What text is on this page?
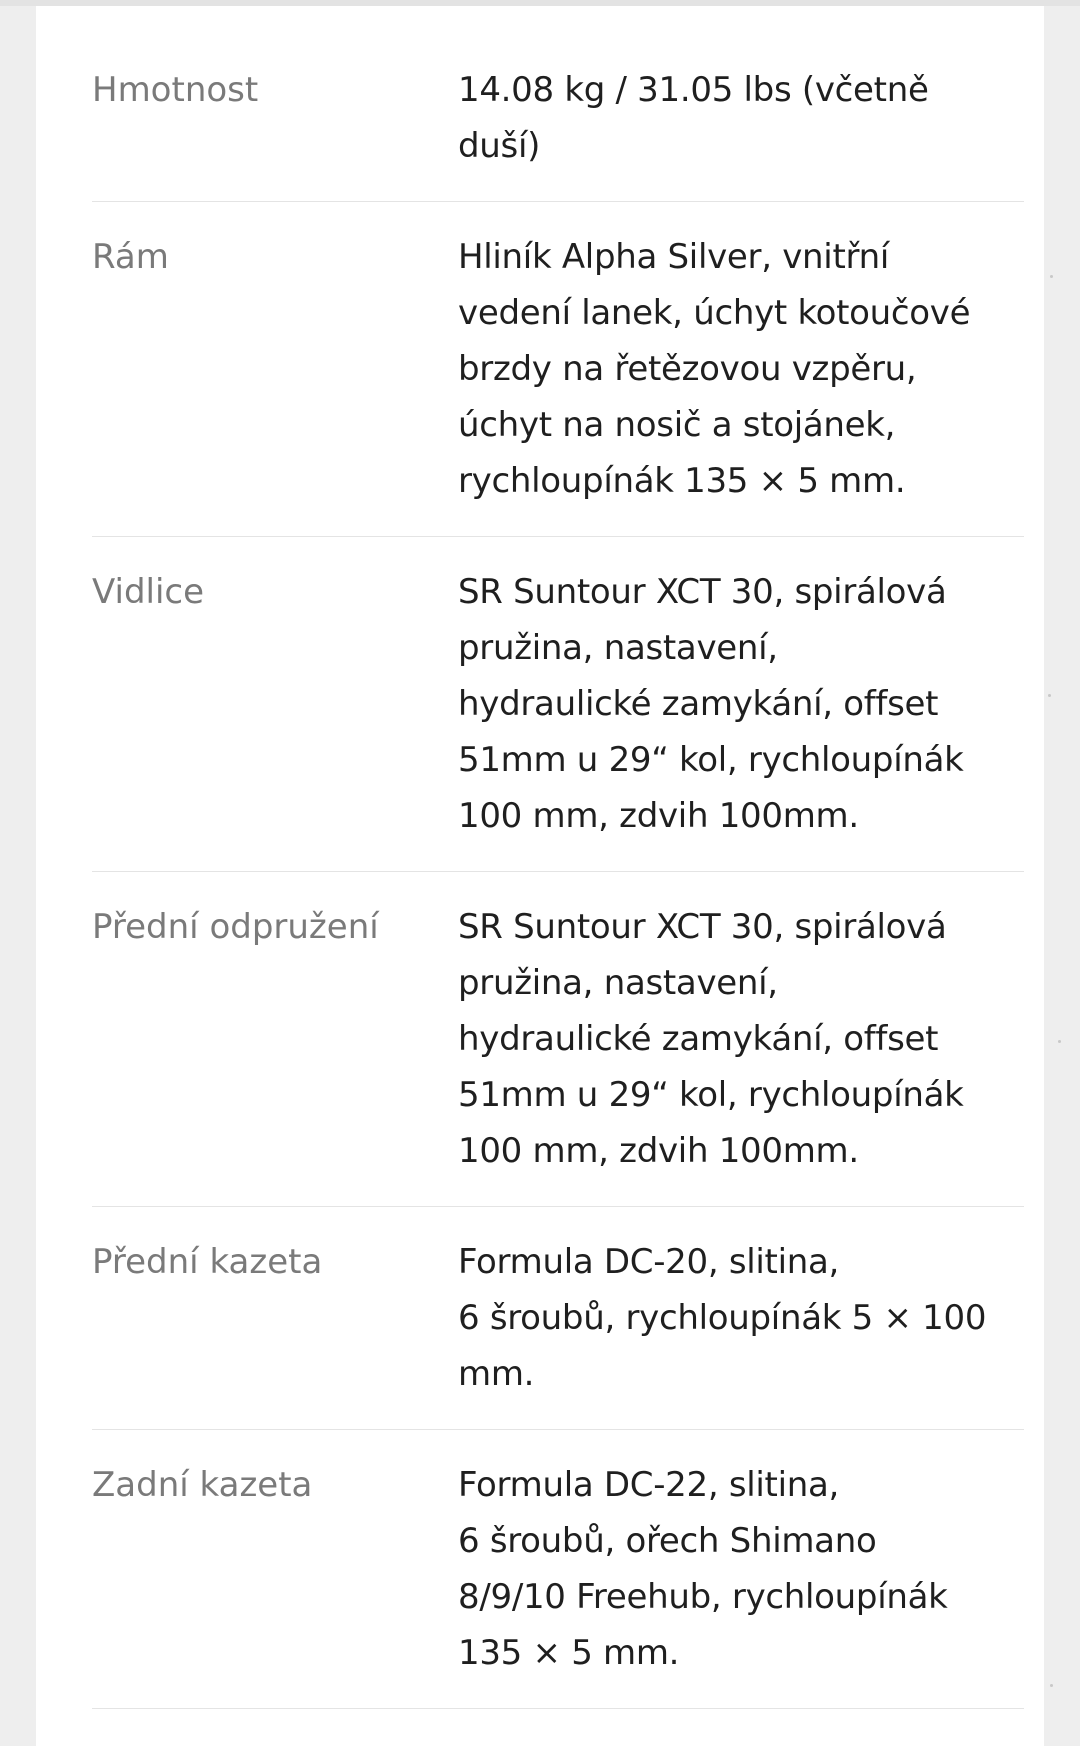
Hmotnost	14.08 kg / 31.05 lbs (včetně
duší)
Rám	Hliník Alpha Silver, vnitřní
vedení lanek, úchyt kotoučové
brzdy na řetězovou vzpěru,
úchyt na nosič a stojánek,
rychloupínák 135 × 5 mm.
Vidlice	SR Suntour XCT 30, spirálová
pružina, nastavení,
hydraulické zamykání, offset
51mm u 29“ kol, rychloupínák
100 mm, zdvih 100mm.
Přední odpružení	SR Suntour XCT 30, spirálová
pružina, nastavení,
hydraulické zamykání, offset
51mm u 29“ kol, rychloupínák
100 mm, zdvih 100mm.
Přední kazeta	Formula DC-20, slitina,
6 šroubů, rychloupínák 5 × 100
mm.
Zadní kazeta	Formula DC-22, slitina,
6 šroubů, ořech Shimano
8/9/10 Freehub, rychloupínák
135 × 5 mm.
